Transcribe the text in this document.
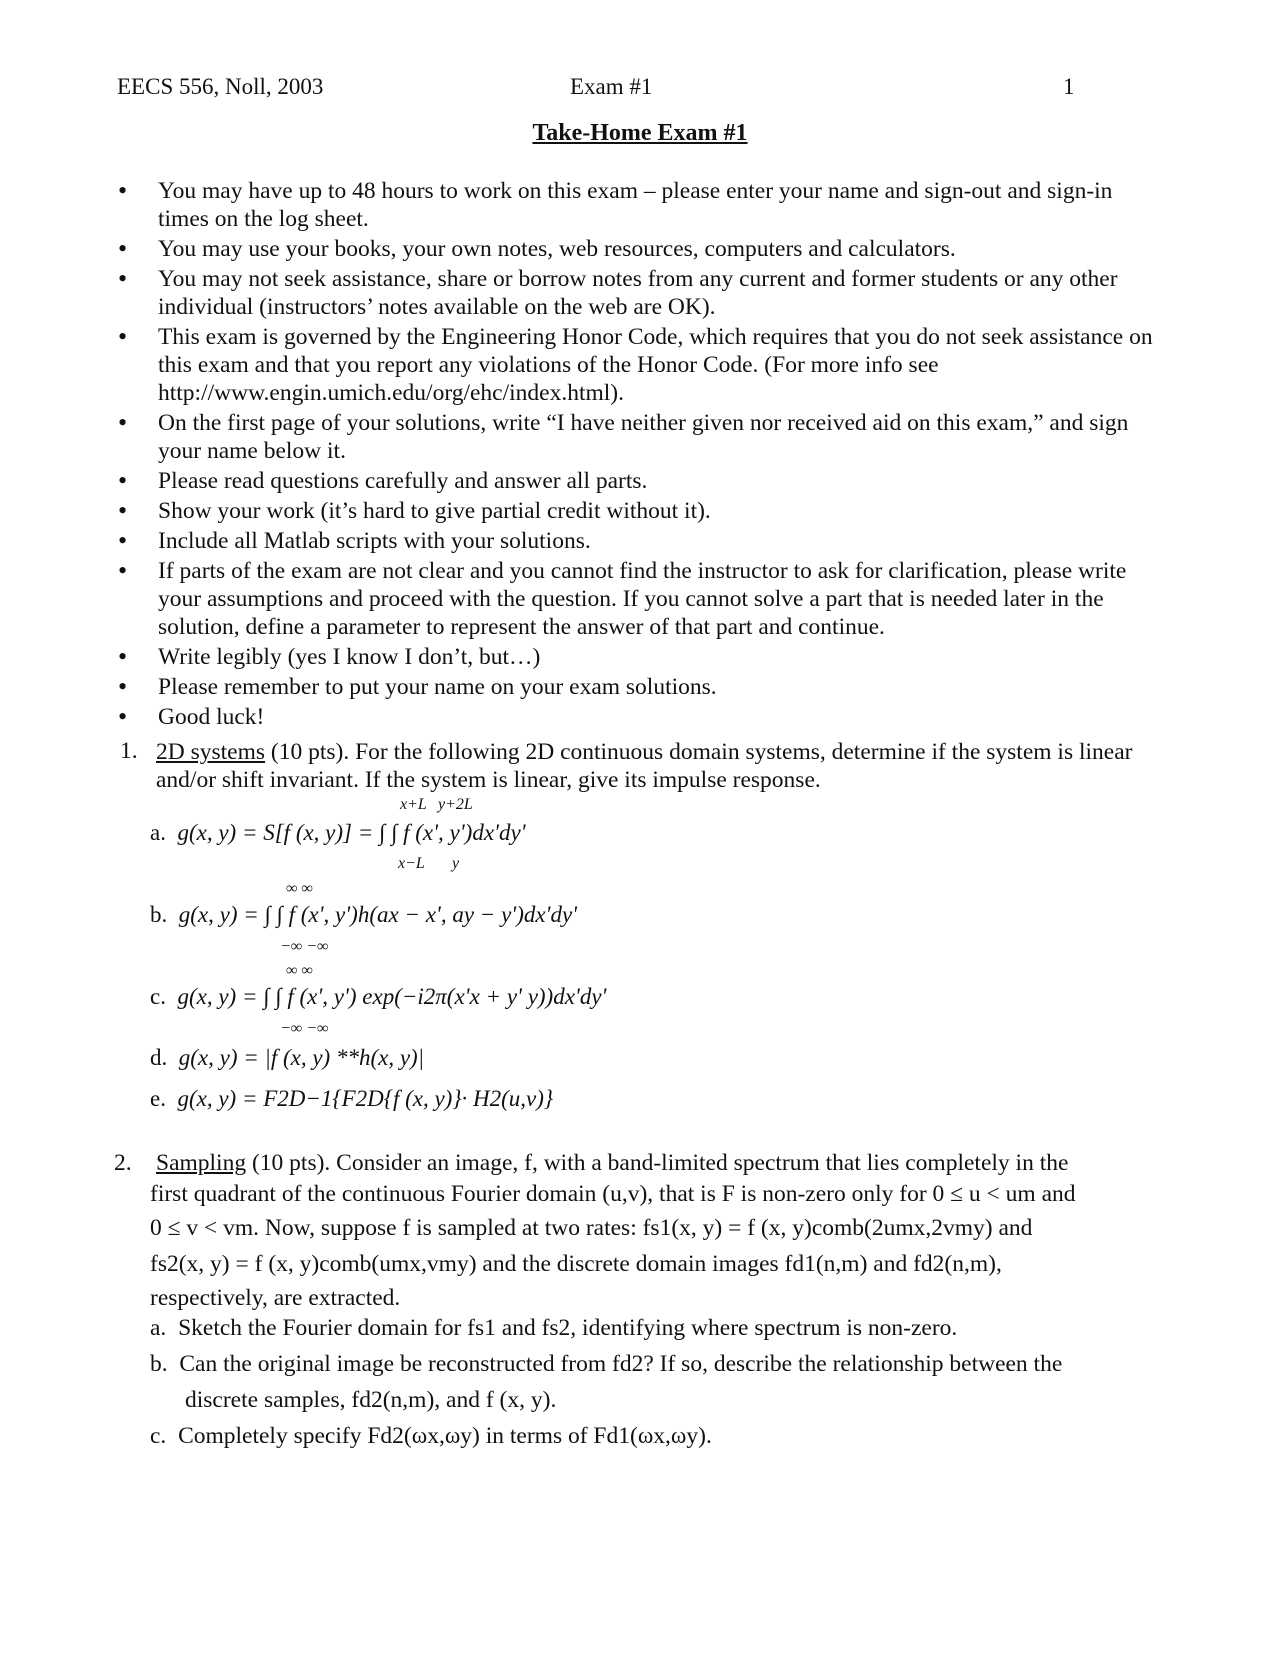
EECS 556, Noll, 2003	Exam #1	1
Take-Home Exam #1
• You may have up to 48 hours to work on this exam – please enter your name and sign-out and sign-in times on the log sheet.
• You may use your books, your own notes, web resources, computers and calculators.
• You may not seek assistance, share or borrow notes from any current and former students or any other individual (instructors’ notes available on the web are OK).
• This exam is governed by the Engineering Honor Code, which requires that you do not seek assistance on this exam and that you report any violations of the Honor Code. (For more info see http://www.engin.umich.edu/org/ehc/index.html).
• On the first page of your solutions, write “I have neither given nor received aid on this exam,” and sign your name below it.
• Please read questions carefully and answer all parts.
• Show your work (it’s hard to give partial credit without it).
• Include all Matlab scripts with your solutions.
• If parts of the exam are not clear and you cannot find the instructor to ask for clarification, please write your assumptions and proceed with the question. If you cannot solve a part that is needed later in the solution, define a parameter to represent the answer of that part and continue.
• Write legibly (yes I know I don’t, but…)
• Please remember to put your name on your exam solutions.
• Good luck!
1. 2D systems (10 pts). For the following 2D continuous domain systems, determine if the system is linear and/or shift invariant. If the system is linear, give its impulse response.
x+L y+2L
a. g(x, y) = S[f (x, y)] = ∫ ∫ f (x', y')dx'dy'
x−L y
∞ ∞
b. g(x, y) = ∫ ∫ f (x', y')h(ax − x', ay − y')dx'dy'
−∞ −∞
∞ ∞
c. g(x, y) = ∫ ∫ f (x', y') exp(−i2π(x'x + y' y))dx'dy'
−∞ −∞
d. g(x, y) = |f (x, y) **h(x, y)|
e. g(x, y) = F2D−1{F2D{f (x, y)}· H2(u,v)}
2. Sampling (10 pts). Consider an image, f, with a band-limited spectrum that lies completely in the
first quadrant of the continuous Fourier domain (u,v), that is F is non-zero only for 0 ≤ u < um and
0 ≤ v < vm. Now, suppose f is sampled at two rates: fs1(x, y) = f (x, y)comb(2umx,2vmy) and
fs2(x, y) = f (x, y)comb(umx,vmy) and the discrete domain images fd1(n,m) and fd2(n,m),
respectively, are extracted.
a. Sketch the Fourier domain for fs1 and fs2, identifying where spectrum is non-zero.
b. Can the original image be reconstructed from fd2? If so, describe the relationship between the
discrete samples, fd2(n,m), and f (x, y).
c. Completely specify Fd2(ωx,ωy) in terms of Fd1(ωx,ωy).
